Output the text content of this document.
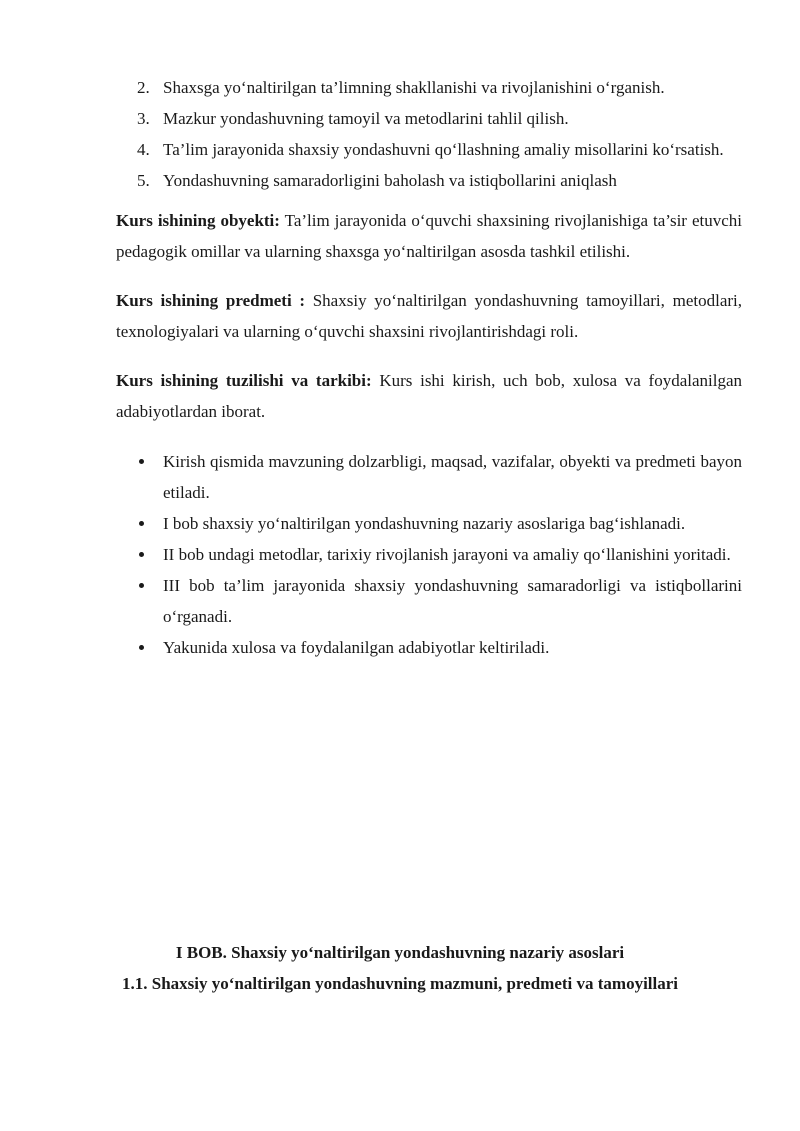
2. Shaxsga yo‘naltirilgan ta’limning shakllanishi va rivojlanishini o‘rganish.
3. Mazkur yondashuvning tamoyil va metodlarini tahlil qilish.
4. Ta’lim jarayonida shaxsiy yondashuvni qo‘llashning amaliy misollarini ko‘rsatish.
5. Yondashuvning samaradorligini baholash va istiqbollarini aniqlash

Kurs ishining obyekti: Ta’lim jarayonida o‘quvchi shaxsining rivojlanishiga ta’sir etuvchi pedagogik omillar va ularning shaxsga yo‘naltirilgan asosda tashkil etilishi.

Kurs ishining predmeti : Shaxsiy yo‘naltirilgan yondashuvning tamoyillari, metodlari, texnologiyalari va ularning o‘quvchi shaxsini rivojlantirishdagi roli.

Kurs ishining tuzilishi va tarkibi: Kurs ishi kirish, uch bob, xulosa va foydalanilgan adabiyotlardan iborat.

Kirish qismida mavzuning dolzarbligi, maqsad, vazifalar, obyekti va predmeti bayon etiladi.
I bob shaxsiy yo‘naltirilgan yondashuvning nazariy asoslariga bag‘ishlanadi.
II bob undagi metodlar, tarixiy rivojlanish jarayoni va amaliy qo‘llanishini yoritadi.
III bob ta’lim jarayonida shaxsiy yondashuvning samaradorligi va istiqbollarini o‘rganadi.
Yakunida xulosa va foydalanilgan adabiyotlar keltiriladi.
I BOB. Shaxsiy yo‘naltirilgan yondashuvning nazariy asoslari
1.1. Shaxsiy yo‘naltirilgan yondashuvning mazmuni, predmeti va tamoyillari
